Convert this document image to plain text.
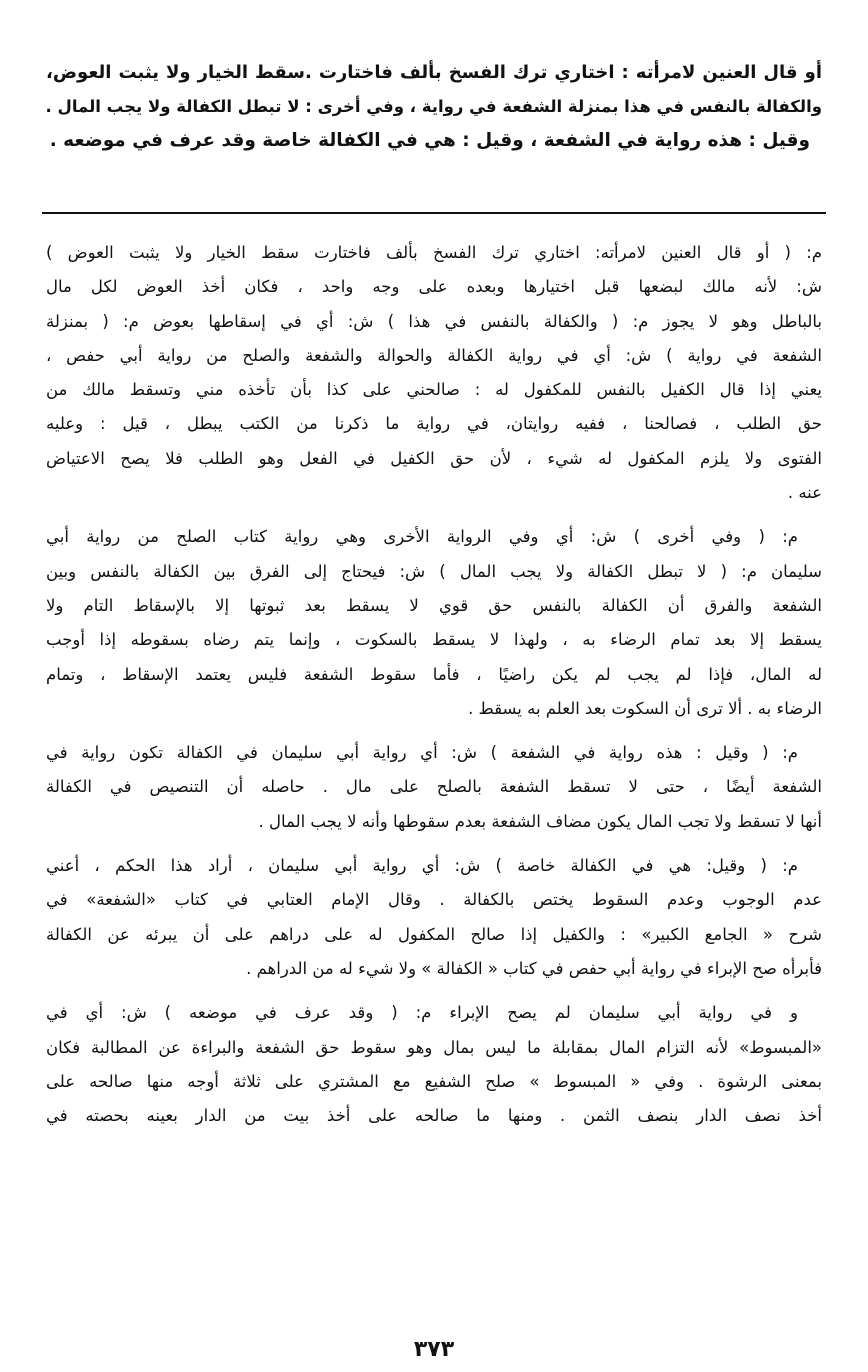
أو قال العنين لامرأته : اختاري ترك الفسخ بألف فاختارت .سقط الخيار ولا يثبت العوض،
والكفالة بالنفس في هذا بمنزلة الشفعة في رواية ، وفي أخرى : لا تبطل الكفالة ولا يجب المال .
وقيل : هذه رواية في الشفعة ، وقيل : هي في الكفالة خاصة وقد عرف في موضعه .
م: ( أو قال العنين لامرأته: اختاري ترك الفسخ بألف فاختارت سقط الخيار ولا يثبت العوض )
ش: لأنه مالك لبضعها قبل اختيارها وبعده على وجه واحد ، فكان أخذ العوض لكل مال
بالباطل وهو لا يجوز م: ( والكفالة بالنفس في هذا ) ش: أي في إسقاطها بعوض م: ( بمنزلة
الشفعة في رواية ) ش: أي في رواية الكفالة والحوالة والشفعة والصلح من رواية أبي حفص ،
يعني إذا قال الكفيل بالنفس للمكفول له : صالحني على كذا بأن تأخذه مني وتسقط مالك من
حق الطلب ، فصالحنا ، ففيه روايتان، في رواية ما ذكرنا من الكتب يبطل ، قيل : وعليه
الفتوى ولا يلزم المكفول له شيء ، لأن حق الكفيل في الفعل وهو الطلب فلا يصح الاعتياض
عنه .
م: ( وفي أخرى ) ش: أي وفي الرواية الأخرى وهي رواية كتاب الصلح من رواية أبي
سليمان م: ( لا تبطل الكفالة ولا يجب المال ) ش: فيحتاج إلى الفرق بين الكفالة بالنفس وبين
الشفعة والفرق أن الكفالة بالنفس حق قوي لا يسقط بعد ثبوتها إلا بالإسقاط التام ولا
يسقط إلا بعد تمام الرضاء به ، ولهذا لا يسقط بالسكوت ، وإنما يتم رضاه بسقوطه إذا أوجب
له المال، فإذا لم يجب لم يكن راضيًا ، فأما سقوط الشفعة فليس يعتمد الإسقاط ، وتمام
الرضاء به . ألا ترى أن السكوت بعد العلم به يسقط .
م: ( وقيل : هذه رواية في الشفعة ) ش: أي رواية أبي سليمان في الكفالة تكون رواية في
الشفعة أيضًا ، حتى لا تسقط الشفعة بالصلح على مال . حاصله أن التنصيص في الكفالة
أنها لا تسقط ولا تجب المال يكون مضاف الشفعة بعدم سقوطها وأنه لا يجب المال .
م: ( وقيل: هي في الكفالة خاصة ) ش: أي رواية أبي سليمان ، أراد هذا الحكم ، أعني
عدم الوجوب وعدم السقوط يختص بالكفالة . وقال الإمام العتابي في كتاب «الشفعة» في
شرح « الجامع الكبير» : والكفيل إذا صالح المكفول له على دراهم على أن يبرئه عن الكفالة
فأبرأه صح الإبراء في رواية أبي حفص في كتاب « الكفالة » ولا شيء له من الدراهم .
و في رواية أبي سليمان لم يصح الإبراء م: ( وقد عرف في موضعه ) ش: أي في
«المبسوط» لأنه التزام المال بمقابلة ما ليس بمال وهو سقوط حق الشفعة والبراءة عن المطالبة فكان
بمعنى الرشوة . وفي « المبسوط » صلح الشفيع مع المشتري على ثلاثة أوجه منها صالحه على
أخذ نصف الدار بنصف الثمن . ومنها ما صالحه على أخذ بيت من الدار بعينه بحصته في
٣٧٣
